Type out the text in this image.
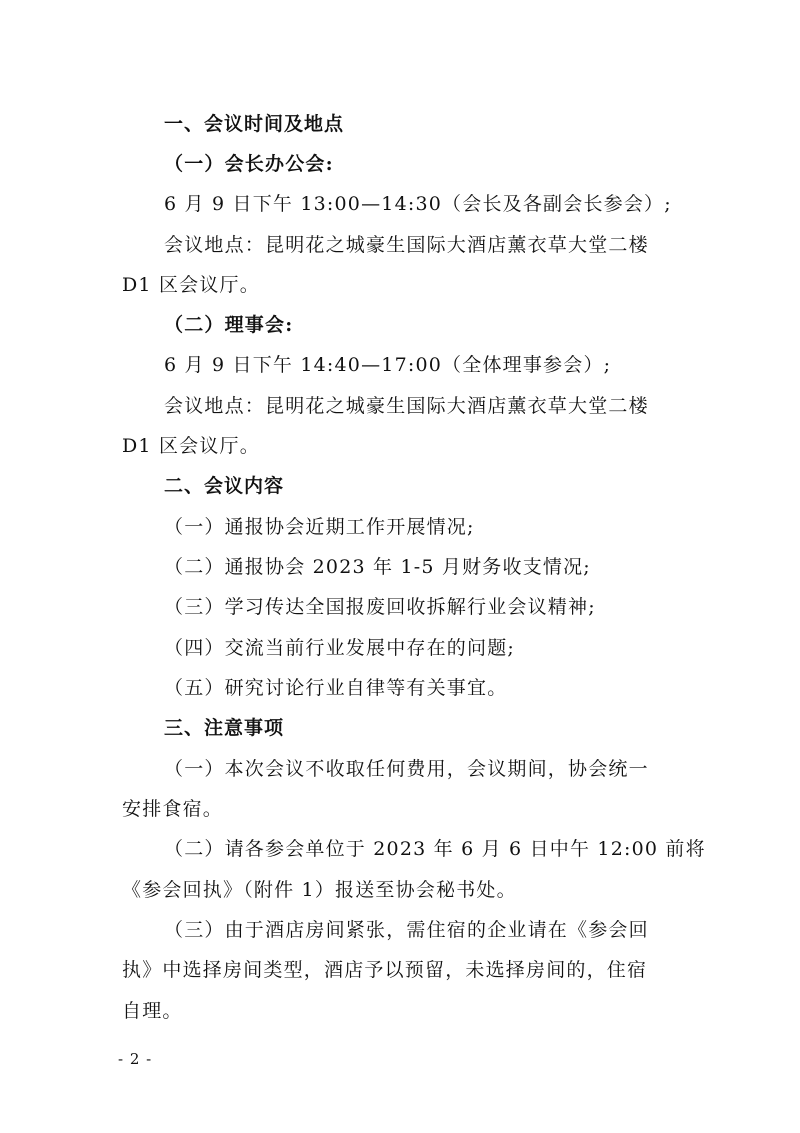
一、会议时间及地点
（一）会长办公会:
6 月 9 日下午 13:00—14:30（会长及各副会长参会）;
会议地点：昆明花之城豪生国际大酒店薰衣草大堂二楼
D1 区会议厅。
（二）理事会:
6 月 9 日下午 14:40—17:00（全体理事参会）;
会议地点：昆明花之城豪生国际大酒店薰衣草大堂二楼
D1 区会议厅。
二、会议内容
（一）通报协会近期工作开展情况;
（二）通报协会 2023 年 1-5 月财务收支情况;
（三）学习传达全国报废回收拆解行业会议精神;
（四）交流当前行业发展中存在的问题;
（五）研究讨论行业自律等有关事宜。
三、注意事项
（一）本次会议不收取任何费用，会议期间，协会统一
安排食宿。
（二）请各参会单位于 2023 年 6 月 6 日中午 12:00 前将
《参会回执》（附件 1）报送至协会秘书处。
（三）由于酒店房间紧张，需住宿的企业请在《参会回
执》中选择房间类型，酒店予以预留，未选择房间的，住宿
自理。
- 2 -
